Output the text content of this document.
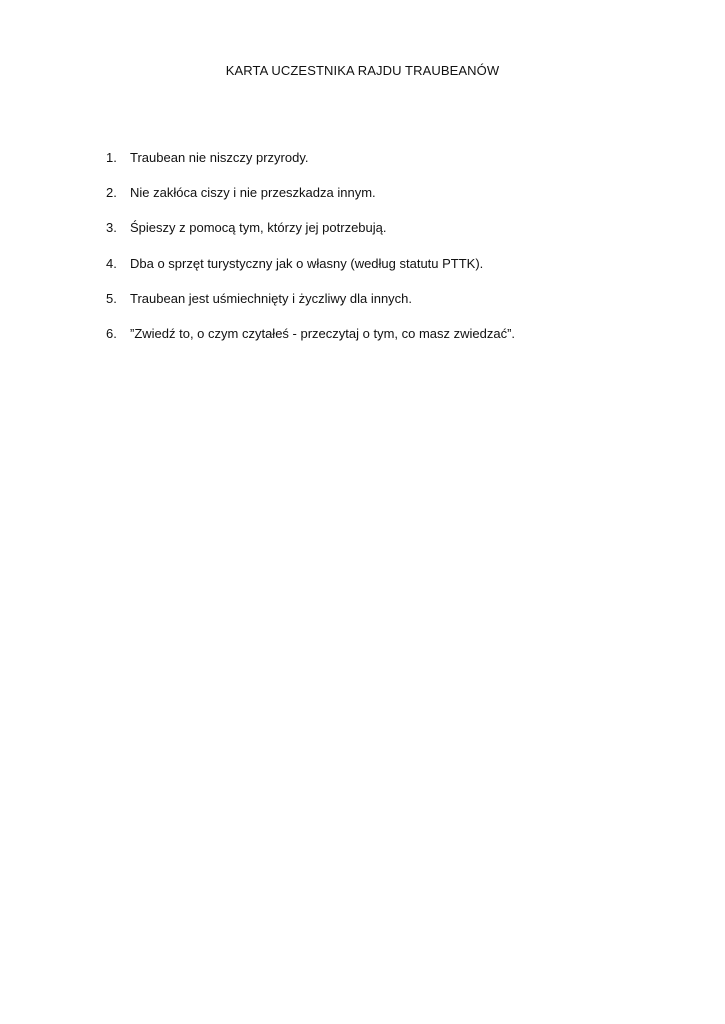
KARTA UCZESTNIKA RAJDU TRAUBEANÓW
1.	Traubean nie niszczy przyrody.
2.	Nie zakłóca ciszy i nie przeszkadza innym.
3.	Śpieszy z pomocą tym, którzy jej potrzebują.
4.	Dba o sprzęt turystyczny jak o własny (według statutu PTTK).
5.	Traubean jest uśmiechnięty i życzliwy dla innych.
6.	”Zwiedź to, o czym czytałeś - przeczytaj o tym, co masz zwiedzać”.
